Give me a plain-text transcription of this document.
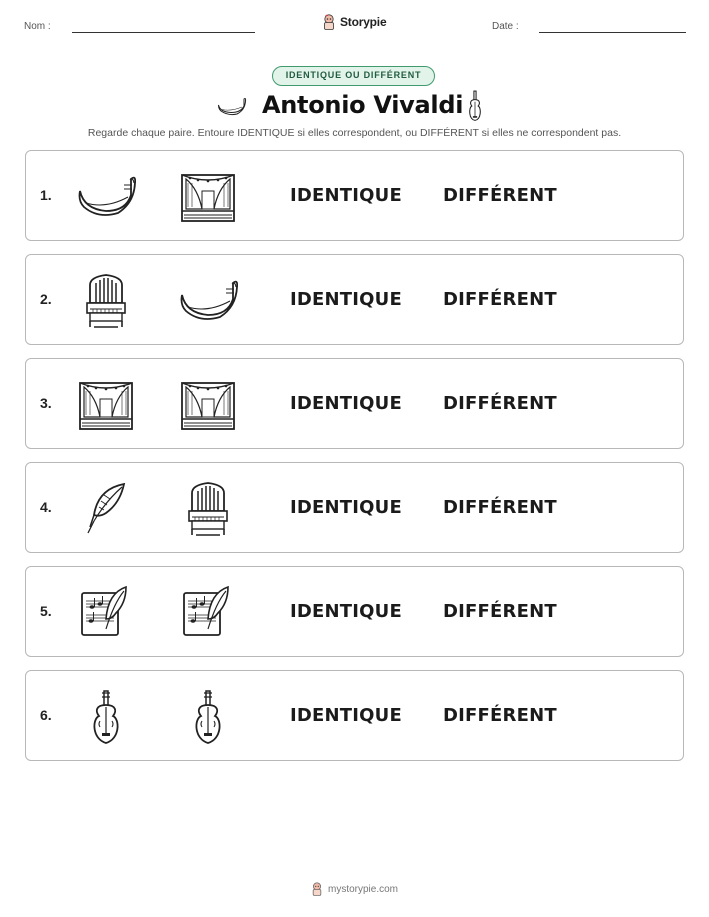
Nom :	Storypie	Date :
IDENTIQUE OU DIFFÉRENT
Antonio Vivaldi
Regarde chaque paire. Entoure IDENTIQUE si elles correspondent, ou DIFFÉRENT si elles ne correspondent pas.
1.	IDENTIQUE DIFFÉRENT
2.	IDENTIQUE DIFFÉRENT
3.	IDENTIQUE DIFFÉRENT
4.	IDENTIQUE DIFFÉRENT
5.	IDENTIQUE DIFFÉRENT
6.	IDENTIQUE DIFFÉRENT
mystorypie.com
